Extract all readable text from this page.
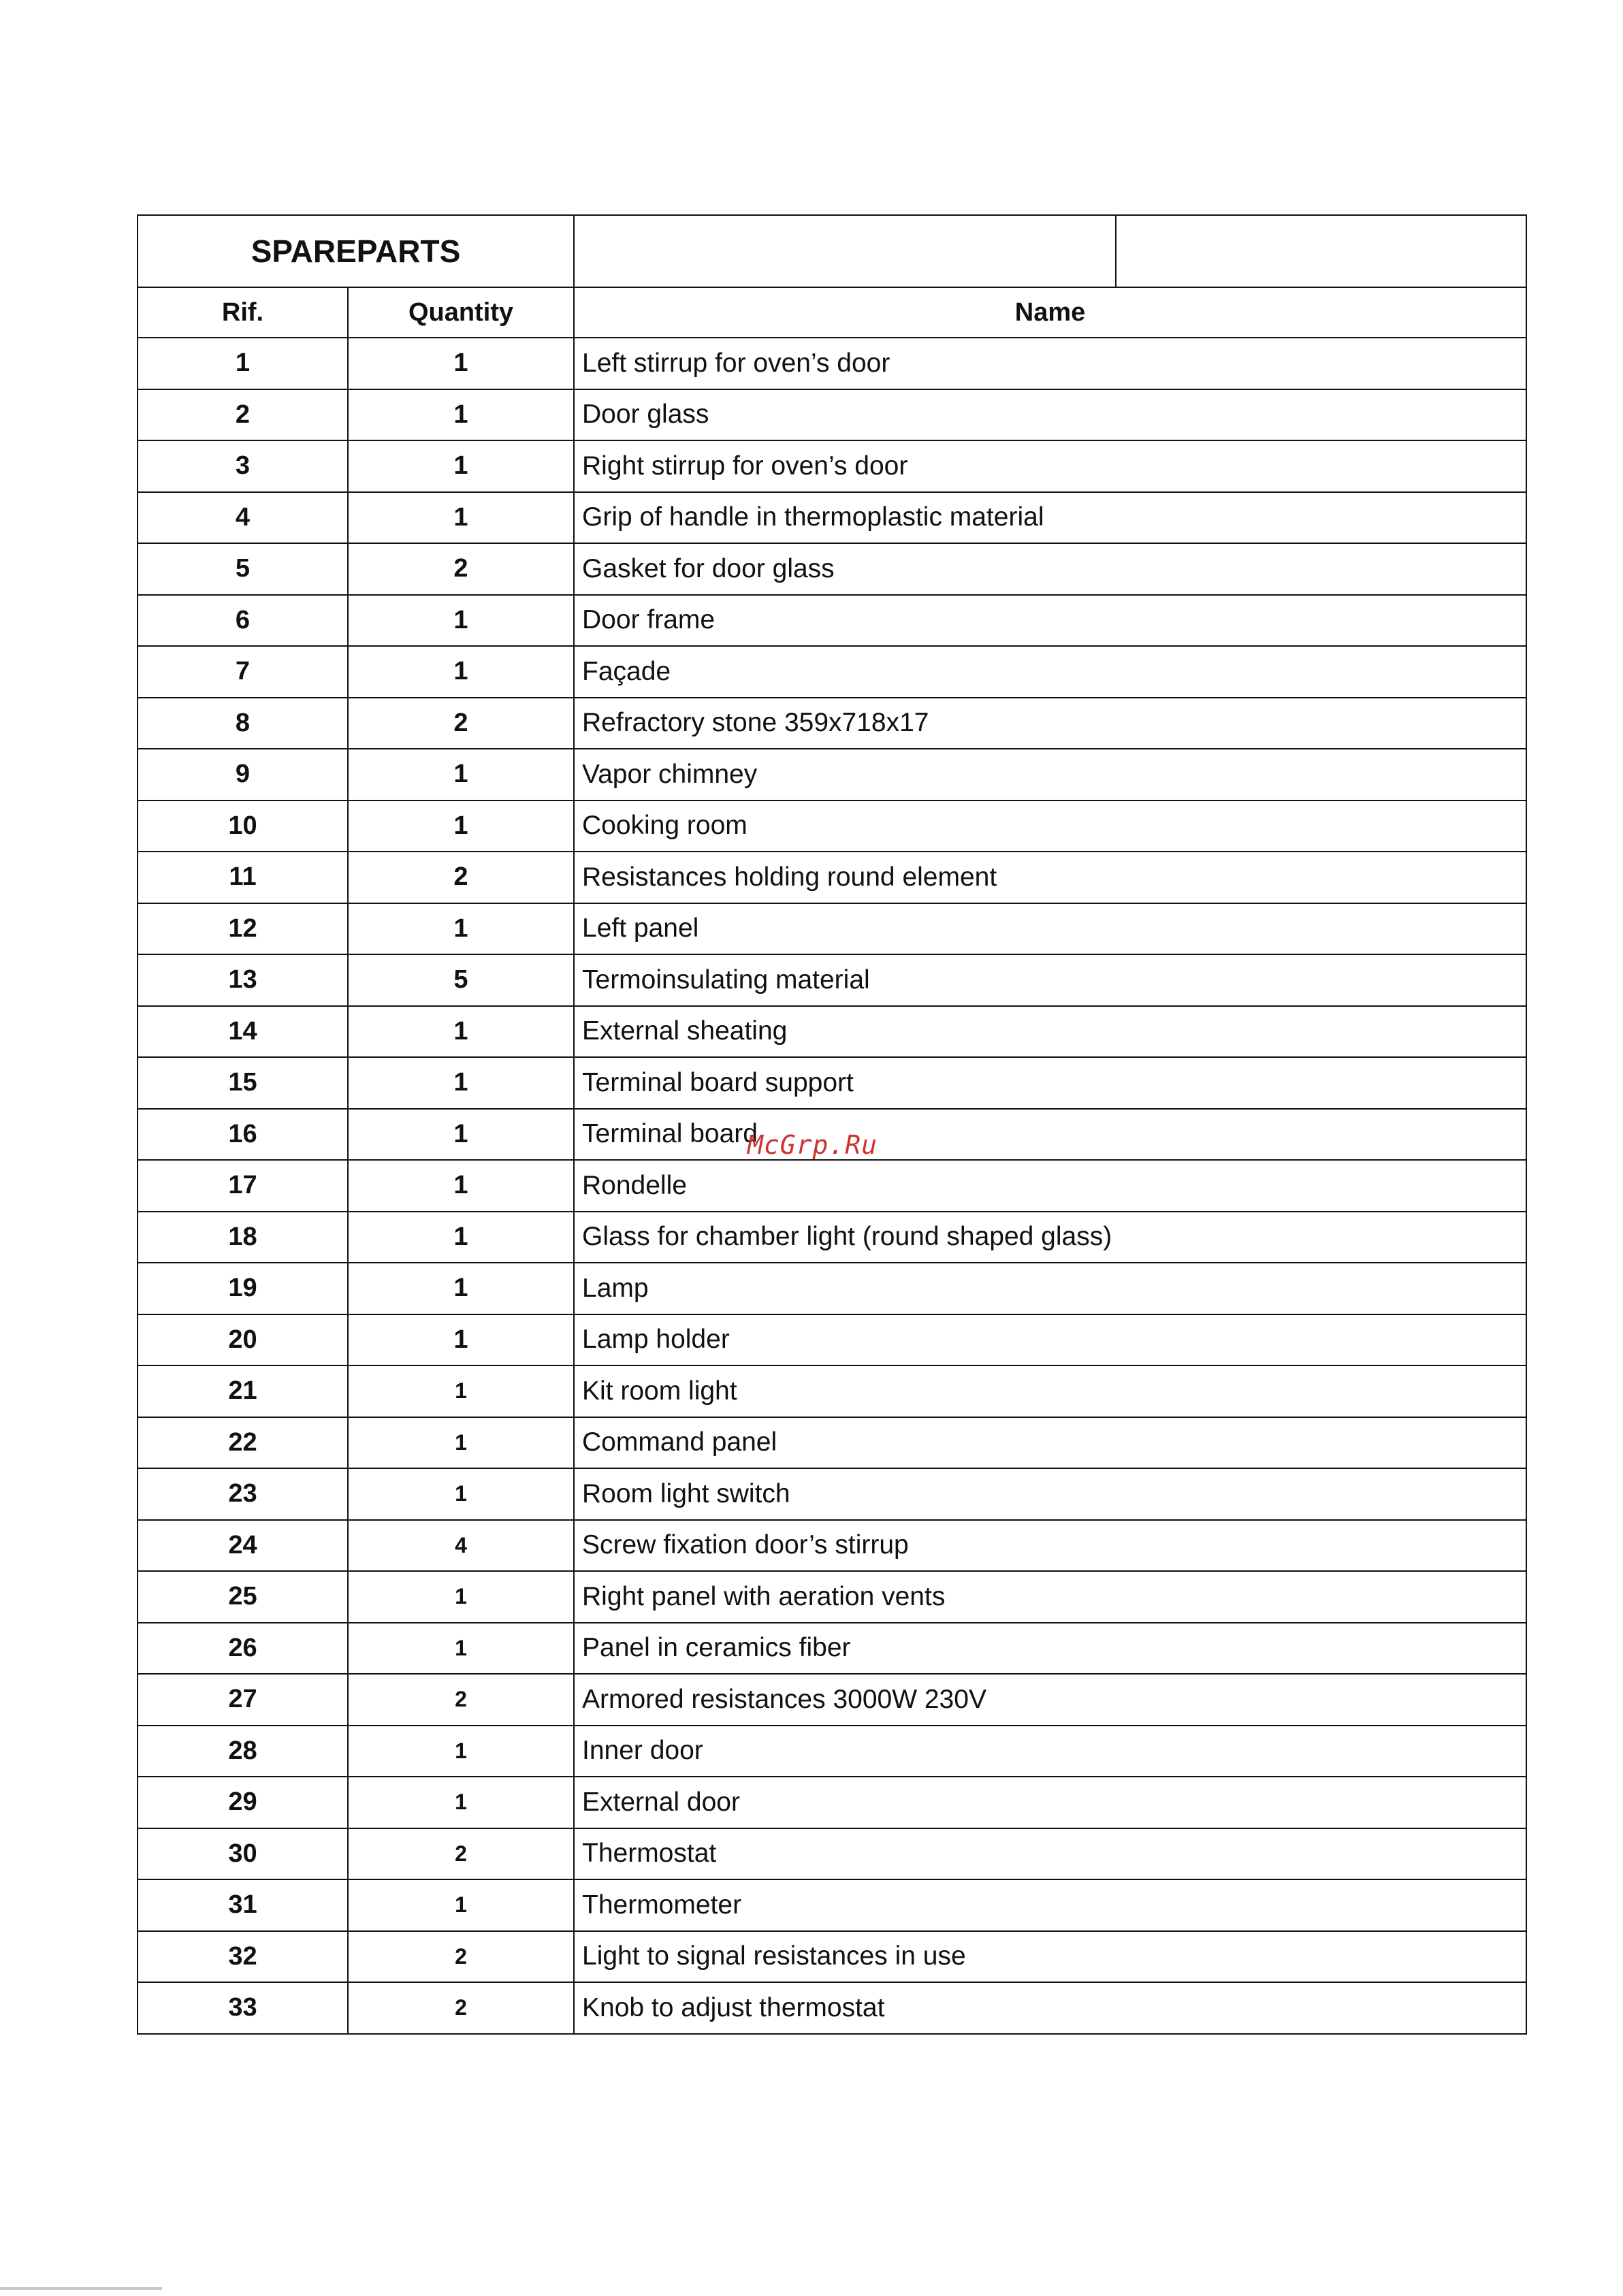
SPAREPARTS			
Rif.	Quantity	Name	
1	1	Left stirrup for oven’s door	
2	1	Door glass	
3	1	Right stirrup for oven’s door	
4	1	Grip of handle in thermoplastic material	
5	2	Gasket for door glass	
6	1	Door frame	
7	1	Façade	
8	2	Refractory stone 359x718x17	
9	1	Vapor chimney	
10	1	Cooking room	
11	2	Resistances holding round element	
12	1	Left panel	
13	5	Termoinsulating material	
14	1	External sheating	
15	1	Terminal board support	
16	1	Terminal board	
17	1	Rondelle	
18	1	Glass for chamber light (round shaped glass)	
19	1	Lamp	
20	1	Lamp holder	
21	1	Kit room light	
22	1	Command panel	
23	1	Room light switch	
24	4	Screw fixation door’s stirrup	
25	1	Right panel with aeration vents	
26	1	Panel in ceramics fiber	
27	2	Armored resistances 3000W 230V	
28	1	Inner door	
29	1	External door	
30	2	Thermostat	
31	1	Thermometer	
32	2	Light to signal resistances in use	
33	2	Knob to adjust thermostat	
McGrp.Ru
